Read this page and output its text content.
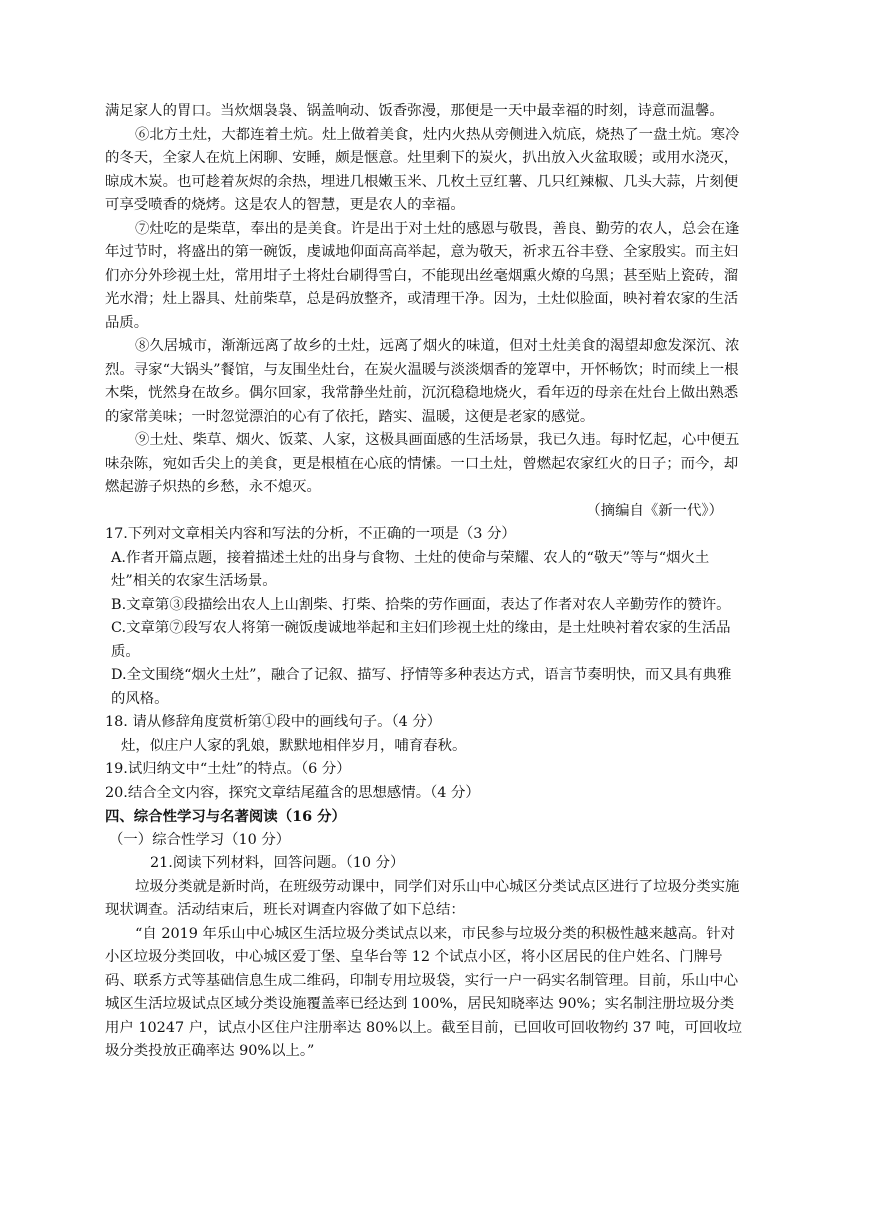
满足家人的胃口。当炊烟袅袅、锅盖响动、饭香弥漫，那便是一天中最幸福的时刻，诗意而温馨。

⑥北方土灶，大都连着土炕。灶上做着美食，灶内火热从旁侧进入炕底，烧热了一盘土炕。寒冷的冬天，全家人在炕上闲聊、安睡，颇是惬意。灶里剩下的炭火，扒出放入火盆取暖；或用水浇灭，晾成木炭。也可趁着灰烬的余热，埋进几根嫩玉米、几枚土豆红薯、几只红辣椒、几头大蒜，片刻便可享受喷香的烧烤。这是农人的智慧，更是农人的幸福。

⑦灶吃的是柴草，奉出的是美食。许是出于对土灶的感恩与敬畏，善良、勤劳的农人，总会在逢年过节时，将盛出的第一碗饭，虔诚地仰面高高举起，意为敬天，祈求五谷丰登、全家殷实。而主妇们亦分外珍视土灶，常用坩子土将灶台刷得雪白，不能现出丝毫烟熏火燎的乌黑；甚至贴上瓷砖，溜光水滑；灶上器具、灶前柴草，总是码放整齐，或清理干净。因为，土灶似脸面，映衬着农家的生活品质。

⑧久居城市，渐渐远离了故乡的土灶，远离了烟火的味道，但对土灶美食的渴望却愈发深沉、浓烈。寻家“大锅头”餐馆，与友围坐灶台，在炭火温暖与淡淡烟香的笼罩中，开怀畅饮；时而续上一根木柴，恍然身在故乡。偶尔回家，我常静坐灶前，沉沉稳稳地烧火，看年迈的母亲在灶台上做出熟悉的家常美味；一时忽觉漂泊的心有了依托，踏实、温暖，这便是老家的感觉。

⑨土灶、柴草、烟火、饭菜、人家，这极具画面感的生活场景，我已久违。每时忆起，心中便五味杂陈，宛如舌尖上的美食，更是根植在心底的情愫。一口土灶，曾燃起农家红火的日子；而今，却燃起游子炽热的乡愁，永不熄灭。

（摘编自《新一代》）

17.下列对文章相关内容和写法的分析，不正确的一项是（3 分）

A.作者开篇点题，接着描述土灶的出身与食物、土灶的使命与荣耀、农人的“敬天”等与“烟火土灶”相关的农家生活场景。

B.文章第③段描绘出农人上山割柴、打柴、拾柴的劳作画面，表达了作者对农人辛勤劳作的赞许。

C.文章第⑦段写农人将第一碗饭虔诚地举起和主妇们珍视土灶的缘由，是土灶映衬着农家的生活品质。

D.全文围绕“烟火土灶”，融合了记叙、描写、抒情等多种表达方式，语言节奏明快，而又具有典雅的风格。

18. 请从修辞角度赏析第①段中的画线句子。（4 分）

灶，似庄户人家的乳娘，默默地相伴岁月，哺育春秋。

19.试归纳文中“土灶”的特点。（6 分）

20.结合全文内容，探究文章结尾蕴含的思想感情。（4 分）

四、综合性学习与名著阅读（16 分）

（一）综合性学习（10 分）

21.阅读下列材料，回答问题。（10 分）

垃圾分类就是新时尚，在班级劳动课中，同学们对乐山中心城区分类试点区进行了垃圾分类实施现状调查。活动结束后，班长对调查内容做了如下总结：

“自 2019 年乐山中心城区生活垃圾分类试点以来，市民参与垃圾分类的积极性越来越高。针对小区垃圾分类回收，中心城区爱丁堡、皇华台等 12 个试点小区，将小区居民的住户姓名、门牌号码、联系方式等基础信息生成二维码，印制专用垃圾袋，实行一户一码实名制管理。目前，乐山中心城区生活垃圾试点区域分类设施覆盖率已经达到 100%，居民知晓率达 90%；实名制注册垃圾分类用户 10247 户，试点小区住户注册率达 80%以上。截至目前，已回收可回收物约 37 吨，可回收垃圾分类投放正确率达 90%以上。”
